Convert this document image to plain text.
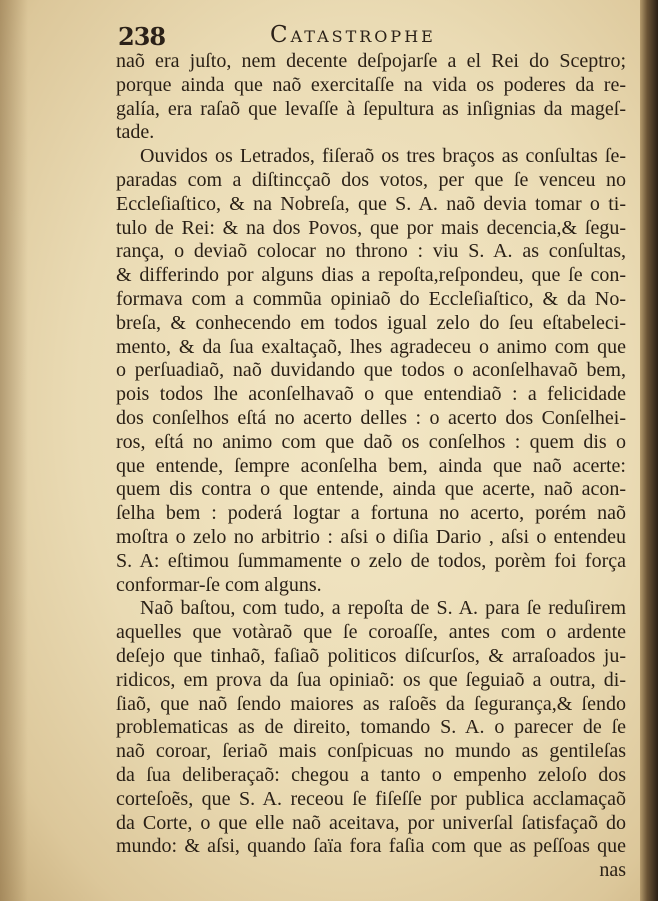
238	Catastrophe
naõ era juſto, nem decente deſpojarſe a el Rei do Sceptro;
porque ainda que naõ exercitaſſe na vida os poderes da re-
galía, era raſaõ que levaſſe à ſepultura as inſignias da mageſ-
tade.
Ouvidos os Letrados, fiſeraõ os tres braços as conſultas ſe-
paradas com a diſtincçaõ dos votos, per que ſe venceu no
Eccleſiaſtico, & na Nobreſa, que S. A. naõ devia tomar o ti-
tulo de Rei: & na dos Povos, que por mais decencia,& ſegu-
rança, o deviaõ colocar no throno : viu S. A. as conſultas,
& differindo por alguns dias a repoſta,reſpondeu, que ſe con-
formava com a commũa opiniaõ do Eccleſiaſtico, & da No-
breſa, & conhecendo em todos igual zelo do ſeu eſtabeleci-
mento, & da ſua exaltaçaõ, lhes agradeceu o animo com que
o perſuadiaõ, naõ duvidando que todos o aconſelhavaõ bem,
pois todos lhe aconſelhavaõ o que entendiaõ : a felicidade
dos conſelhos eſtá no acerto delles : o acerto dos Conſelhei-
ros, eſtá no animo com que daõ os conſelhos : quem dis o
que entende, ſempre aconſelha bem, ainda que naõ acerte:
quem dis contra o que entende, ainda que acerte, naõ acon-
ſelha bem : poderá logtar a fortuna no acerto, porém naõ
moſtra o zelo no arbitrio : aſsi o diſia Dario , aſsi o entendeu
S. A: eſtimou ſummamente o zelo de todos, porèm foi força
conformar-ſe com alguns.
Naõ baſtou, com tudo, a repoſta de S. A. para ſe reduſirem
aquelles que votàraõ que ſe coroaſſe, antes com o ardente
deſejo que tinhaõ, faſiaõ politicos diſcurſos, & arraſoados ju-
ridicos, em prova da ſua opiniaõ: os que ſeguiaõ a outra, di-
ſiaõ, que naõ ſendo maiores as raſoẽs da ſegurança,& ſendo
problematicas as de direito, tomando S. A. o parecer de ſe
naõ coroar, ſeriaõ mais conſpicuas no mundo as gentileſas
da ſua deliberaçaõ: chegou a tanto o empenho zeloſo dos
corteſoẽs, que S. A. receou ſe fiſeſſe por publica acclamaçaõ
da Corte, o que elle naõ aceitava, por univerſal ſatisfaçaõ do
mundo: & aſsi, quando ſaïa fora faſia com que as peſſoas que
nas
